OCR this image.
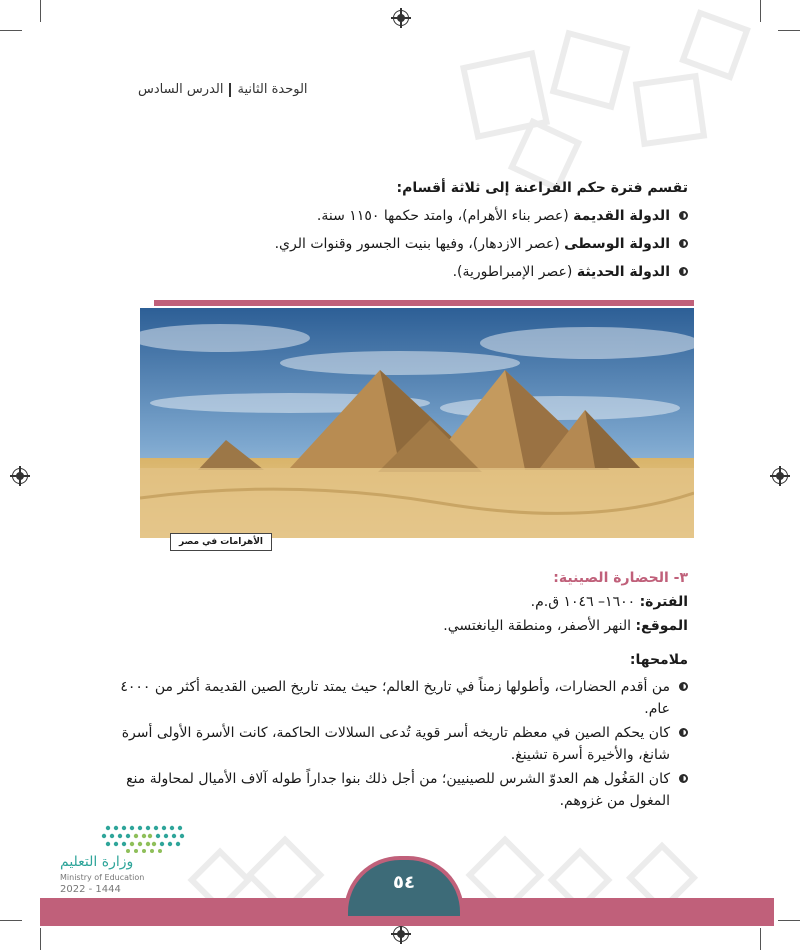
الوحدة الثانيةالدرس السادس
تقسم فترة حكم الفراعنة إلى ثلاثة أقسام:
الدولة القديمة (عصر بناء الأهرام)، وامتد حكمها ١١٥٠ سنة.
الدولة الوسطى (عصر الازدهار)، وفيها بنيت الجسور وقنوات الري.
الدولة الحديثة (عصر الإمبراطورية).
الأهرامات في مصر
٣- الحضارة الصينية:
الفترة: ١٦٠٠– ١٠٤٦ ق.م.
الموقع: النهر الأصفر، ومنطقة اليانغتسي.
ملامحها:
من أقدم الحضارات، وأطولها زمناً في تاريخ العالم؛ حيث يمتد تاريخ الصين القديمة أكثر من ٤٠٠٠ عام.
كان يحكم الصين في معظم تاريخه أسر قوية تُدعى السلالات الحاكمة، كانت الأسرة الأولى أسرة شانغ، والأخيرة أسرة تشينغ.
كان المَغُول هم العدوّ الشرس للصينيين؛ من أجل ذلك بنوا جداراً طوله آلاف الأميال لمحاولة منع المغول من غزوهم.
٥٤
وزارة التعليم
Ministry of Education
2022 - 1444
